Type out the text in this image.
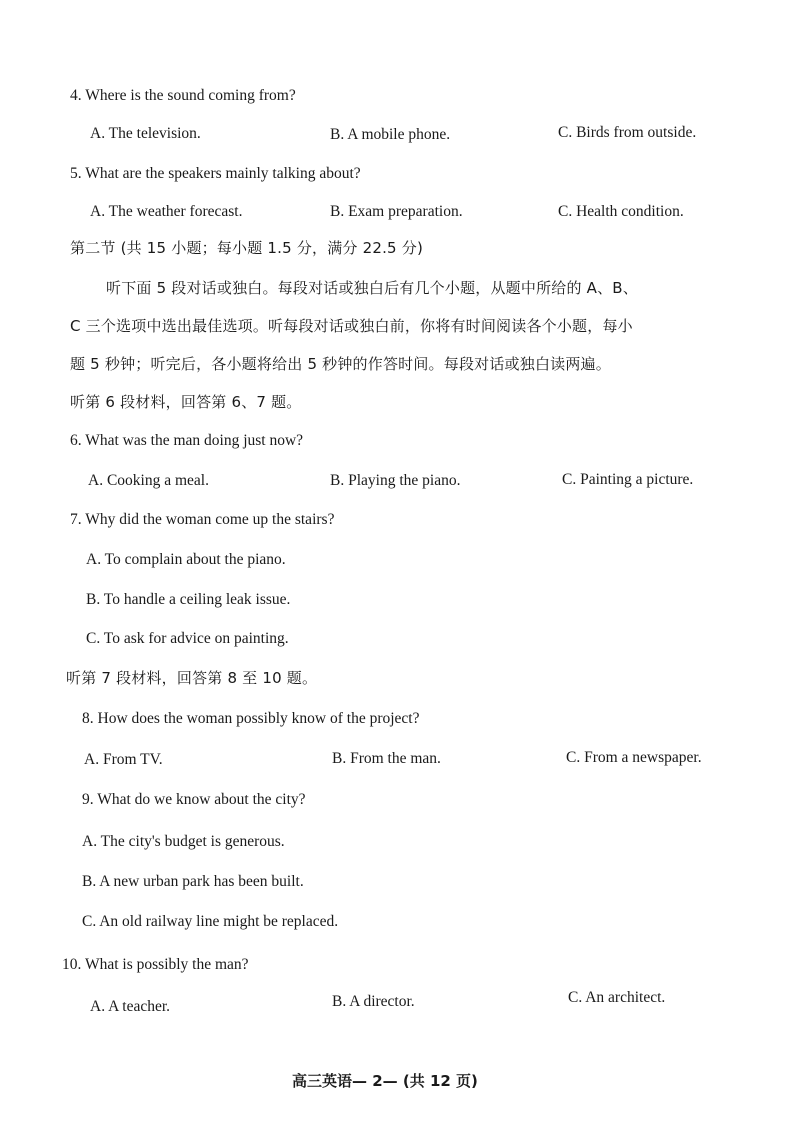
4. Where is the sound coming from?
A. The television.	B. A mobile phone.	C. Birds from outside.
5. What are the speakers mainly talking about?
A. The weather forecast.	B. Exam preparation.	C. Health condition.
第二节 (共 15 小题；每小题 1.5 分，满分 22.5 分)
听下面 5 段对话或独白。每段对话或独白后有几个小题，从题中所给的 A、B、
C 三个选项中选出最佳选项。听每段对话或独白前，你将有时间阅读各个小题，每小
题 5 秒钟；听完后，各小题将给出 5 秒钟的作答时间。每段对话或独白读两遍。
听第 6 段材料，回答第 6、7 题。
6. What was the man doing just now?
A. Cooking a meal.	B. Playing the piano.	C. Painting a picture.
7. Why did the woman come up the stairs?
A. To complain about the piano.
B. To handle a ceiling leak issue.
C. To ask for advice on painting.
听第 7 段材料，回答第 8 至 10 题。
8. How does the woman possibly know of the project?
A. From TV.	B. From the man.	C. From a newspaper.
9. What do we know about the city?
A. The city's budget is generous.
B. A new urban park has been built.
C. An old railway line might be replaced.
10. What is possibly the man?
A. A teacher.	B. A director.	C. An architect.
高三英语— 2— (共 12 页)
